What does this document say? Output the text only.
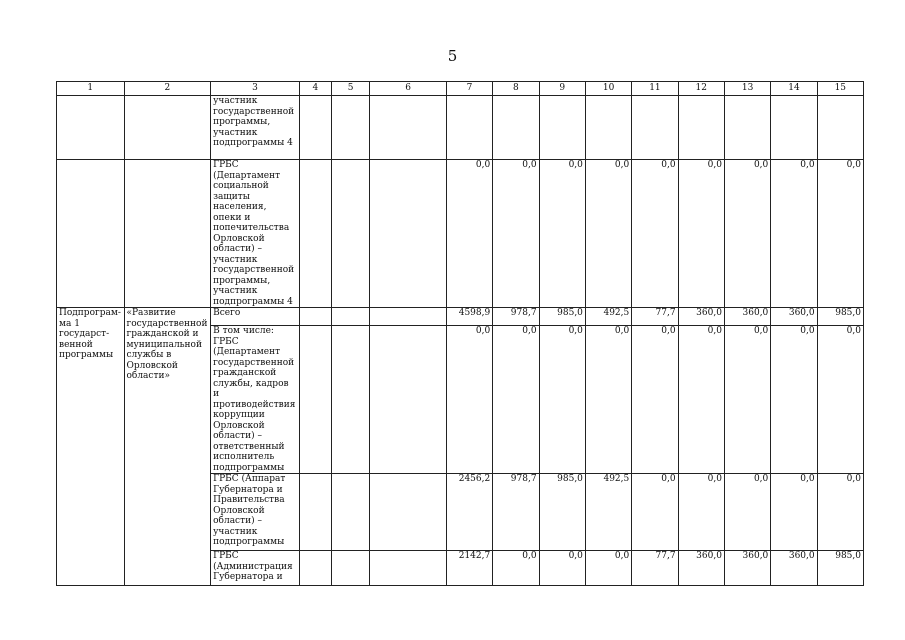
5
1	2	3	4	5	6	7	8	9	10	11	12	13	14	15
		участник государственной программы, участник подпрограммы 4												
		ГРБС (Департамент социальной защиты населения, опеки и попечительства Орловской области) – участник государственной программы, участник подпрограммы 4				0,0	0,0	0,0	0,0	0,0	0,0	0,0	0,0	0,0
Подпрограм-ма 1 государст-венной программы	«Развитие государственной гражданской и муниципальной службы в Орловской области»	Всего				4598,9	978,7	985,0	492,5	77,7	360,0	360,0	360,0	985,0
		В том числе: ГРБС (Департамент государственной гражданской службы, кадров и противодействия коррупции Орловской области) – ответственный исполнитель подпрограммы				0,0	0,0	0,0	0,0	0,0	0,0	0,0	0,0	0,0
		ГРБС (Аппарат Губернатора и Правительства Орловской области) – участник подпрограммы				2456,2	978,7	985,0	492,5	0,0	0,0	0,0	0,0	0,0
		ГРБС (Администрация Губернатора и				2142,7	0,0	0,0	0,0	77,7	360,0	360,0	360,0	985,0
